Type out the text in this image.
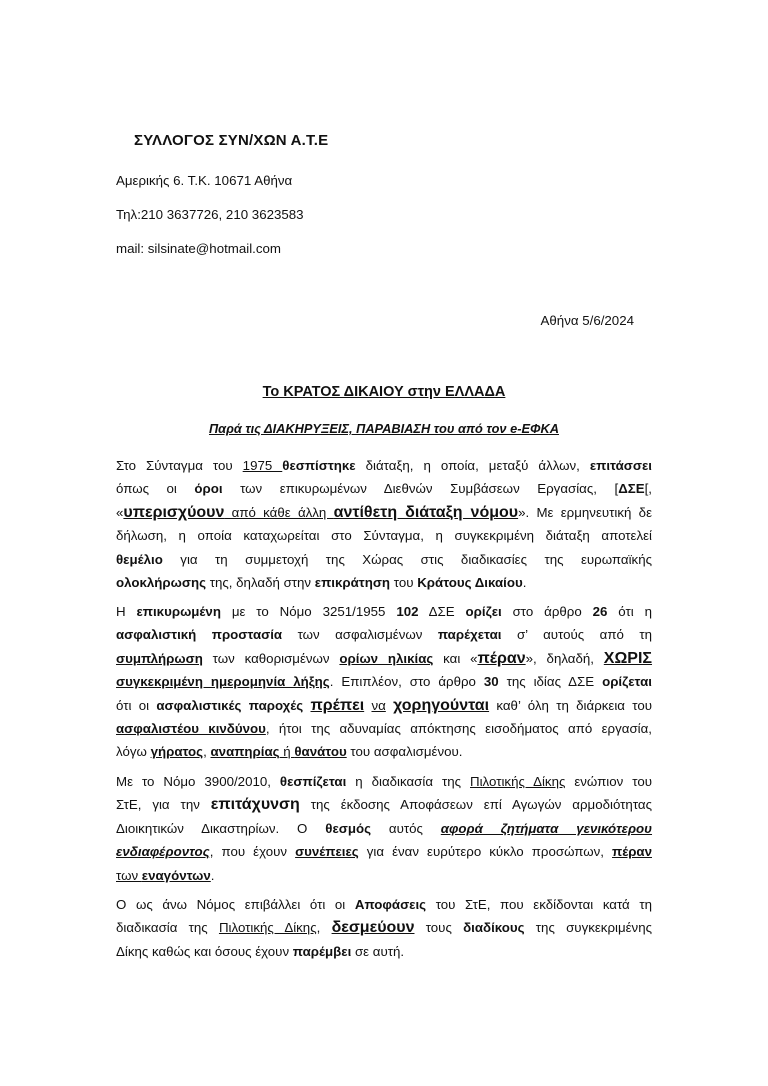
ΣΥΛΛΟΓΟΣ ΣΥΝ/ΧΩΝ Α.Τ.Ε
Αμερικής 6. Τ.Κ. 10671 Αθήνα
Τηλ:210 3637726, 210 3623583
mail: silsinate@hotmail.com
Αθήνα 5/6/2024
Το ΚΡΑΤΟΣ ΔΙΚΑΙΟΥ στην ΕΛΛΑΔΑ
Παρά τις ΔΙΑΚΗΡΥΞΕΙΣ, ΠΑΡΑΒΙΑΣΗ του από τον e-ΕΦΚΑ
Στο Σύνταγμα του 1975 θεσπίστηκε διάταξη, η οποία, μεταξύ άλλων, επιτάσσει
όπως οι όροι των επικυρωμένων Διεθνών Συμβάσεων Εργασίας, [ΔΣΕ[,
«υπερισχύουν από κάθε άλλη αντίθετη διάταξη νόμου». Με ερμηνευτική δε
δήλωση, η οποία καταχωρείται στο Σύνταγμα, η συγκεκριμένη διάταξη αποτελεί
θεμέλιο για τη συμμετοχή της Χώρας στις διαδικασίες της ευρωπαϊκής
ολοκλήρωσης της, δηλαδή στην επικράτηση του Κράτους Δικαίου.
Η επικυρωμένη με το Νόμο 3251/1955 102 ΔΣΕ ορίζει στο άρθρο 26 ότι η
ασφαλιστική προστασία των ασφαλισμένων παρέχεται σ’ αυτούς από τη
συμπλήρωση των καθορισμένων ορίων ηλικίας και «πέραν», δηλαδή, ΧΩΡΙΣ
συγκεκριμένη ημερομηνία λήξης. Επιπλέον, στο άρθρο 30 της ιδίας ΔΣΕ ορίζεται
ότι οι ασφαλιστικές παροχές πρέπει να χορηγούνται καθ’ όλη τη διάρκεια του
ασφαλιστέου κινδύνου, ήτοι της αδυναμίας απόκτησης εισοδήματος από εργασία,
λόγω γήρατος, αναπηρίας ή θανάτου του ασφαλισμένου.
Με το Νόμο 3900/2010, θεσπίζεται η διαδικασία της Πιλοτικής Δίκης ενώπιον του
ΣτΕ, για την επιτάχυνση της έκδοσης Αποφάσεων επί Αγωγών αρμοδιότητας
Διοικητικών Δικαστηρίων. Ο θεσμός αυτός αφορά ζητήματα γενικότερου
ενδιαφέροντος, που έχουν συνέπειες για έναν ευρύτερο κύκλο προσώπων, πέραν
των εναγόντων.
Ο ως άνω Νόμος επιβάλλει ότι οι Αποφάσεις του ΣτΕ, που εκδίδονται κατά τη
διαδικασία της Πιλοτικής Δίκης, δεσμεύουν τους διαδίκους της συγκεκριμένης
Δίκης καθώς και όσους έχουν παρέμβει σε αυτή.
